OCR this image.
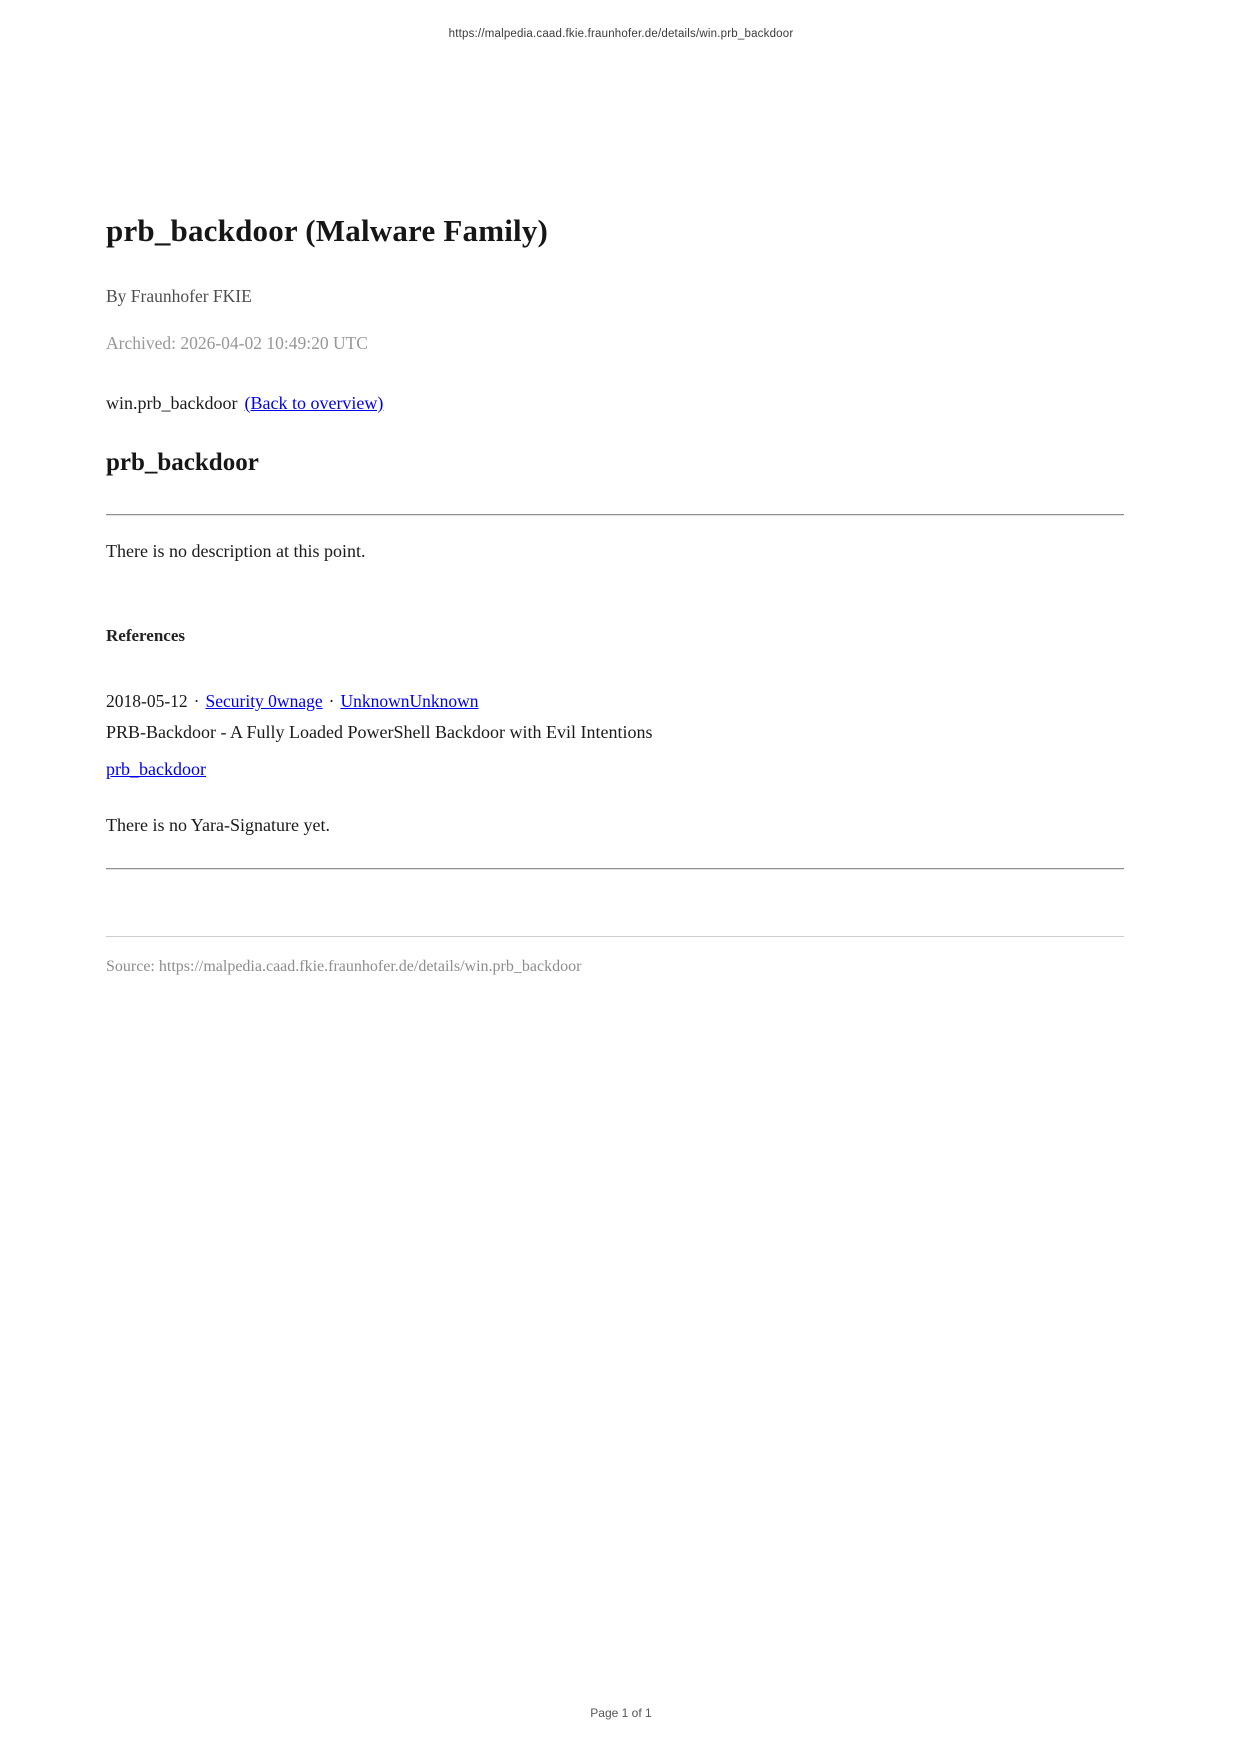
https://malpedia.caad.fkie.fraunhofer.de/details/win.prb_backdoor
prb_backdoor (Malware Family)
By Fraunhofer FKIE
Archived: 2026-04-02 10:49:20 UTC
win.prb_backdoor (Back to overview)
prb_backdoor
There is no description at this point.
References
2018-05-12 · Security 0wnage · UnknownUnknown
PRB-Backdoor - A Fully Loaded PowerShell Backdoor with Evil Intentions
prb_backdoor
There is no Yara-Signature yet.
Source: https://malpedia.caad.fkie.fraunhofer.de/details/win.prb_backdoor
Page 1 of 1
